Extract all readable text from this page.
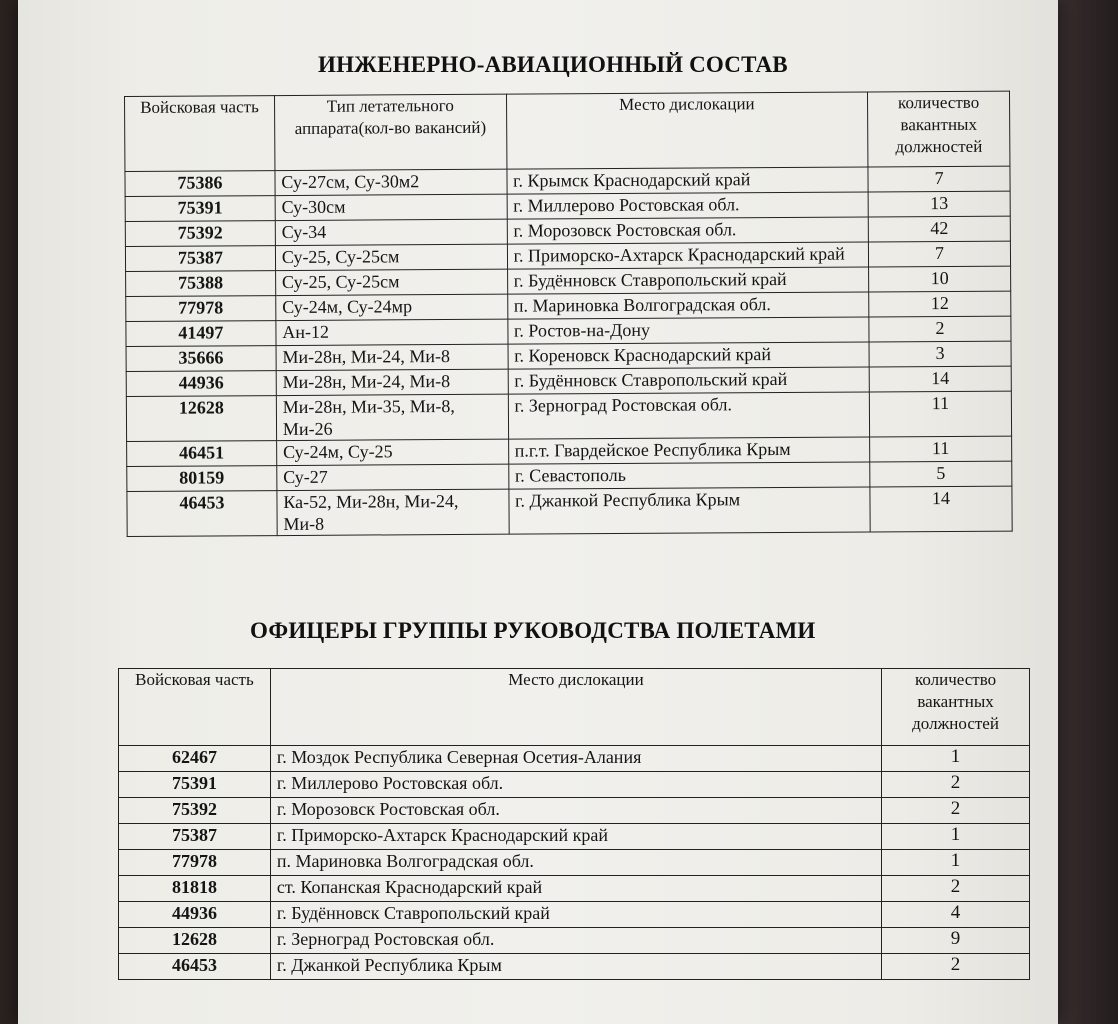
ИНЖЕНЕРНО-АВИАЦИОННЫЙ СОСТАВ
Войсковая часть	Тип летательного аппарата(кол-во вакансий)	Место дислокации	количество вакантных должностей
75386	Су-27см, Су-30м2	г. Крымск Краснодарский край	7
75391	Су-30см	г. Миллерово Ростовская обл.	13
75392	Су-34	г. Морозовск Ростовская обл.	42
75387	Су-25, Су-25см	г. Приморско-Ахтарск Краснодарский край	7
75388	Су-25, Су-25см	г. Будённовск Ставропольский край	10
77978	Су-24м, Су-24мр	п. Мариновка Волгоградская обл.	12
41497	Ан-12	г. Ростов-на-Дону	2
35666	Ми-28н, Ми-24, Ми-8	г. Кореновск Краснодарский край	3
44936	Ми-28н, Ми-24, Ми-8	г. Будённовск Ставропольский край	14
12628	Ми-28н, Ми-35, Ми-8, Ми-26	г. Зерноград Ростовская обл.	11
46451	Су-24м, Су-25	п.г.т. Гвардейское Республика Крым	11
80159	Су-27	г. Севастополь	5
46453	Ка-52, Ми-28н, Ми-24, Ми-8	г. Джанкой Республика Крым	14
ОФИЦЕРЫ ГРУППЫ РУКОВОДСТВА ПОЛЕТАМИ
Войсковая часть	Место дислокации	количество вакантных должностей
62467	г. Моздок Республика Северная Осетия-Алания	1
75391	г. Миллерово Ростовская обл.	2
75392	г. Морозовск Ростовская обл.	2
75387	г. Приморско-Ахтарск Краснодарский край	1
77978	п. Мариновка Волгоградская обл.	1
81818	ст. Копанская Краснодарский край	2
44936	г. Будённовск Ставропольский край	4
12628	г. Зерноград Ростовская обл.	9
46453	г. Джанкой Республика Крым	2
